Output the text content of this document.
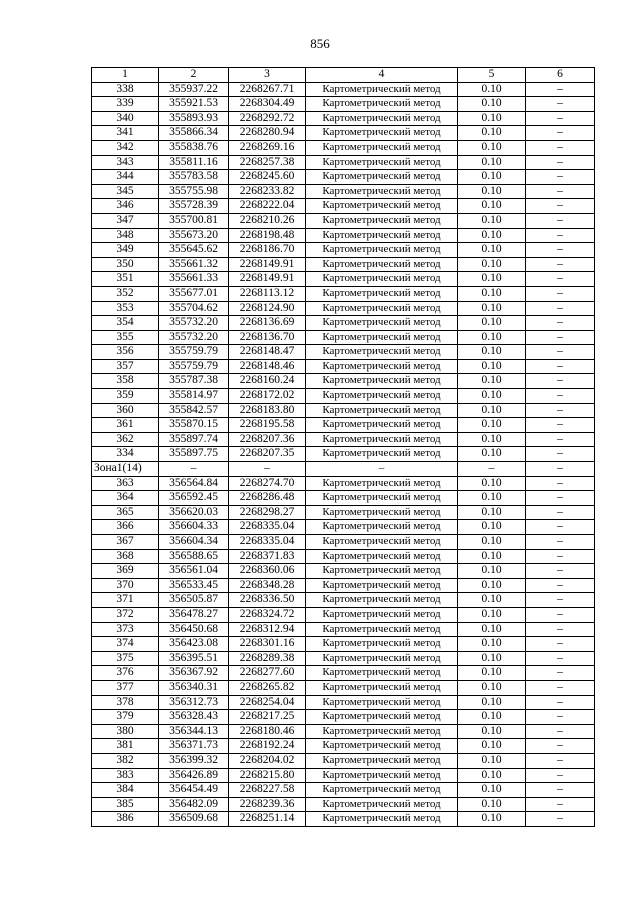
856
1	2	3	4	5	6
338	355937.22	2268267.71	Картометрический метод	0.10	–
339	355921.53	2268304.49	Картометрический метод	0.10	–
340	355893.93	2268292.72	Картометрический метод	0.10	–
341	355866.34	2268280.94	Картометрический метод	0.10	–
342	355838.76	2268269.16	Картометрический метод	0.10	–
343	355811.16	2268257.38	Картометрический метод	0.10	–
344	355783.58	2268245.60	Картометрический метод	0.10	–
345	355755.98	2268233.82	Картометрический метод	0.10	–
346	355728.39	2268222.04	Картометрический метод	0.10	–
347	355700.81	2268210.26	Картометрический метод	0.10	–
348	355673.20	2268198.48	Картометрический метод	0.10	–
349	355645.62	2268186.70	Картометрический метод	0.10	–
350	355661.32	2268149.91	Картометрический метод	0.10	–
351	355661.33	2268149.91	Картометрический метод	0.10	–
352	355677.01	2268113.12	Картометрический метод	0.10	–
353	355704.62	2268124.90	Картометрический метод	0.10	–
354	355732.20	2268136.69	Картометрический метод	0.10	–
355	355732.20	2268136.70	Картометрический метод	0.10	–
356	355759.79	2268148.47	Картометрический метод	0.10	–
357	355759.79	2268148.46	Картометрический метод	0.10	–
358	355787.38	2268160.24	Картометрический метод	0.10	–
359	355814.97	2268172.02	Картометрический метод	0.10	–
360	355842.57	2268183.80	Картометрический метод	0.10	–
361	355870.15	2268195.58	Картометрический метод	0.10	–
362	355897.74	2268207.36	Картометрический метод	0.10	–
334	355897.75	2268207.35	Картометрический метод	0.10	–
Зона1(14)	–	–	–	–	–
363	356564.84	2268274.70	Картометрический метод	0.10	–
364	356592.45	2268286.48	Картометрический метод	0.10	–
365	356620.03	2268298.27	Картометрический метод	0.10	–
366	356604.33	2268335.04	Картометрический метод	0.10	–
367	356604.34	2268335.04	Картометрический метод	0.10	–
368	356588.65	2268371.83	Картометрический метод	0.10	–
369	356561.04	2268360.06	Картометрический метод	0.10	–
370	356533.45	2268348.28	Картометрический метод	0.10	–
371	356505.87	2268336.50	Картометрический метод	0.10	–
372	356478.27	2268324.72	Картометрический метод	0.10	–
373	356450.68	2268312.94	Картометрический метод	0.10	–
374	356423.08	2268301.16	Картометрический метод	0.10	–
375	356395.51	2268289.38	Картометрический метод	0.10	–
376	356367.92	2268277.60	Картометрический метод	0.10	–
377	356340.31	2268265.82	Картометрический метод	0.10	–
378	356312.73	2268254.04	Картометрический метод	0.10	–
379	356328.43	2268217.25	Картометрический метод	0.10	–
380	356344.13	2268180.46	Картометрический метод	0.10	–
381	356371.73	2268192.24	Картометрический метод	0.10	–
382	356399.32	2268204.02	Картометрический метод	0.10	–
383	356426.89	2268215.80	Картометрический метод	0.10	–
384	356454.49	2268227.58	Картометрический метод	0.10	–
385	356482.09	2268239.36	Картометрический метод	0.10	–
386	356509.68	2268251.14	Картометрический метод	0.10	–
